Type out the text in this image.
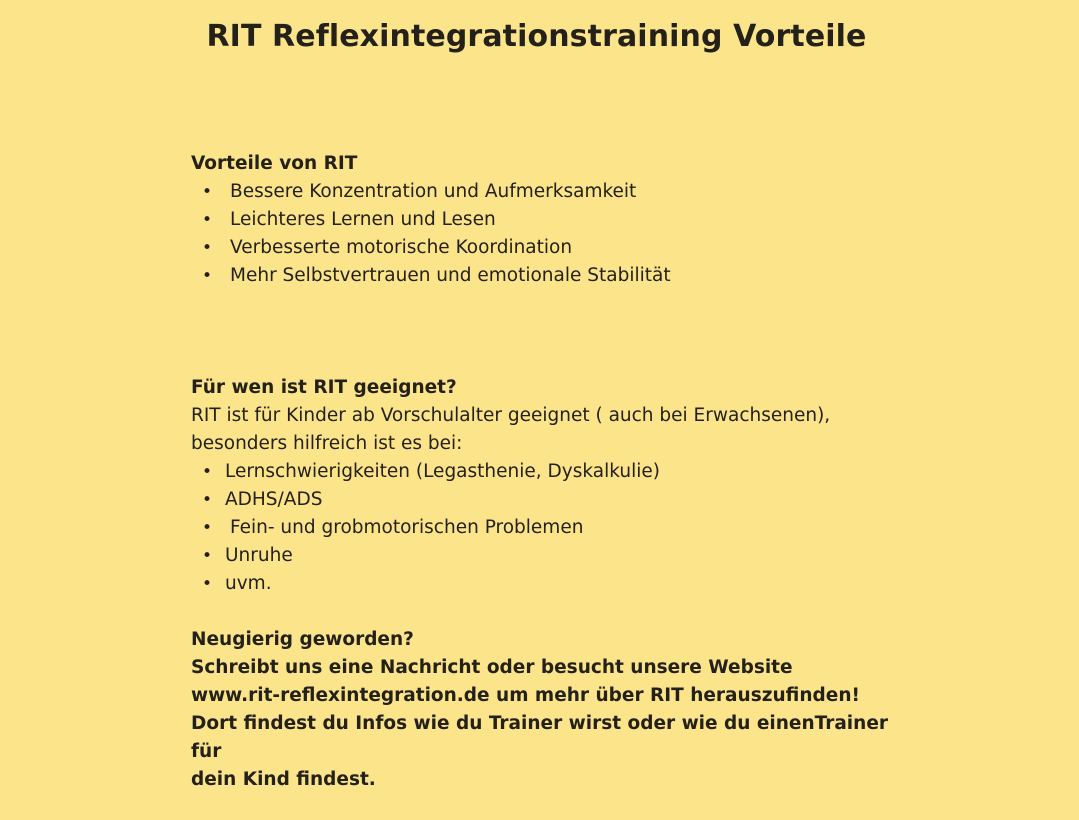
RIT Reflexintegrationstraining Vorteile

Vorteile von RIT

• Bessere Konzentration und Aufmerksamkeit
• Leichteres Lernen und Lesen
• Verbesserte motorische Koordination
• Mehr Selbstvertrauen und emotionale Stabilität

Für wen ist RIT geeignet?

RIT ist für Kinder ab Vorschulalter geeignet ( auch bei Erwachsenen),

besonders hilfreich ist es bei:

• Lernschwierigkeiten (Legasthenie, Dyskalkulie)
• ADHS/ADS
• Fein- und grobmotorischen Problemen
• Unruhe
• uvm.

Neugierig geworden?

Schreibt uns eine Nachricht oder besucht unsere Website

www.rit-reflexintegration.de um mehr über RIT herauszufinden!

Dort findest du Infos wie du Trainer wirst oder wie du einenTrainer für

dein Kind findest.
